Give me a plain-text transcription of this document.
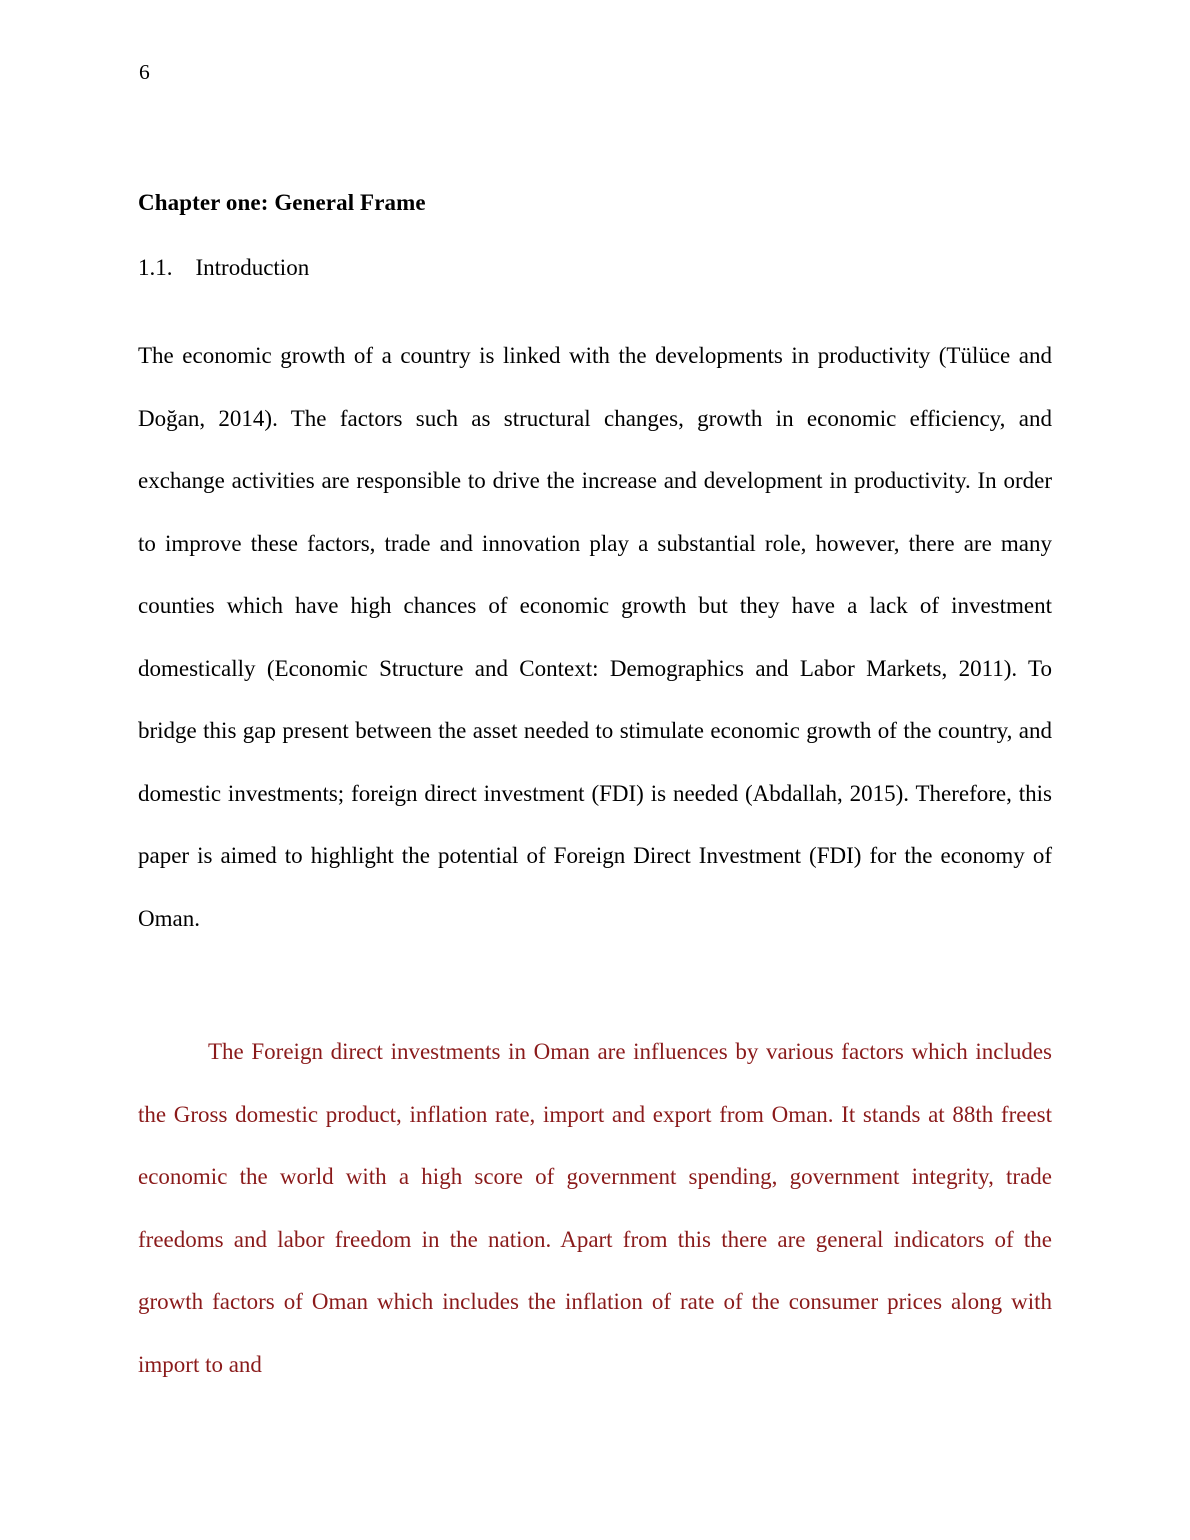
6
Chapter one: General Frame
1.1.    Introduction

The economic growth of a country is linked with the developments in productivity (Tülüce and Doğan, 2014). The factors such as structural changes, growth in economic efficiency, and exchange activities are responsible to drive the increase and development in productivity. In order to improve these factors, trade and innovation play a substantial role, however, there are many counties which have high chances of economic growth but they have a lack of investment domestically (Economic Structure and Context: Demographics and Labor Markets, 2011). To bridge this gap present between the asset needed to stimulate economic growth of the country, and domestic investments; foreign direct investment (FDI) is needed (Abdallah, 2015). Therefore, this paper is aimed to highlight the potential of Foreign Direct Investment (FDI) for the economy of Oman.

The Foreign direct investments in Oman are influences by various factors which includes the Gross domestic product, inflation rate, import and export from Oman. It stands at 88th freest economic the world with a high score of government spending, government integrity, trade freedoms and labor freedom in the nation. Apart from this there are general indicators of the growth factors of Oman which includes the inflation of rate of the consumer prices along with import to and
